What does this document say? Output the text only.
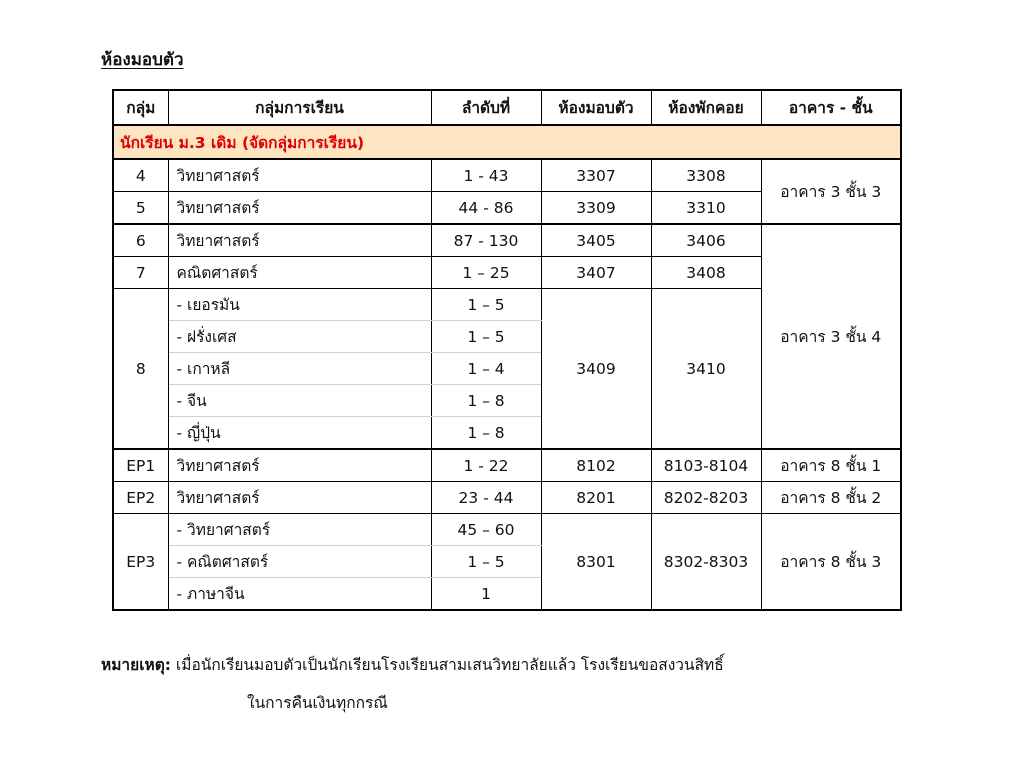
ห้องมอบตัว
กลุ่ม	กลุ่มการเรียน	ลำดับที่	ห้องมอบตัว	ห้องพักคอย	อาคาร - ชั้น
นักเรียน ม.3 เดิม (จัดกลุ่มการเรียน)					
4	วิทยาศาสตร์	1 - 43	3307	3308	อาคาร 3 ชั้น 3
5	วิทยาศาสตร์	44 - 86	3309	3310	
6	วิทยาศาสตร์	87 - 130	3405	3406	อาคาร 3 ชั้น 4
7	คณิตศาสตร์	1 – 25	3407	3408	
8	- เยอรมัน	1 – 5	3409	3410	
	- ฝรั่งเศส	1 – 5			
	- เกาหลี	1 – 4			
	- จีน	1 – 8			
	- ญี่ปุ่น	1 – 8			
EP1	วิทยาศาสตร์	1 - 22	8102	8103-8104	อาคาร 8 ชั้น 1
EP2	วิทยาศาสตร์	23 - 44	8201	8202-8203	อาคาร 8 ชั้น 2
EP3	- วิทยาศาสตร์	45 – 60	8301	8302-8303	อาคาร 8 ชั้น 3
	- คณิตศาสตร์	1 – 5			
	- ภาษาจีน	1			
หมายเหตุ: เมื่อนักเรียนมอบตัวเป็นนักเรียนโรงเรียนสามเสนวิทยาลัยแล้ว โรงเรียนขอสงวนสิทธิ์
ในการคืนเงินทุกกรณี
